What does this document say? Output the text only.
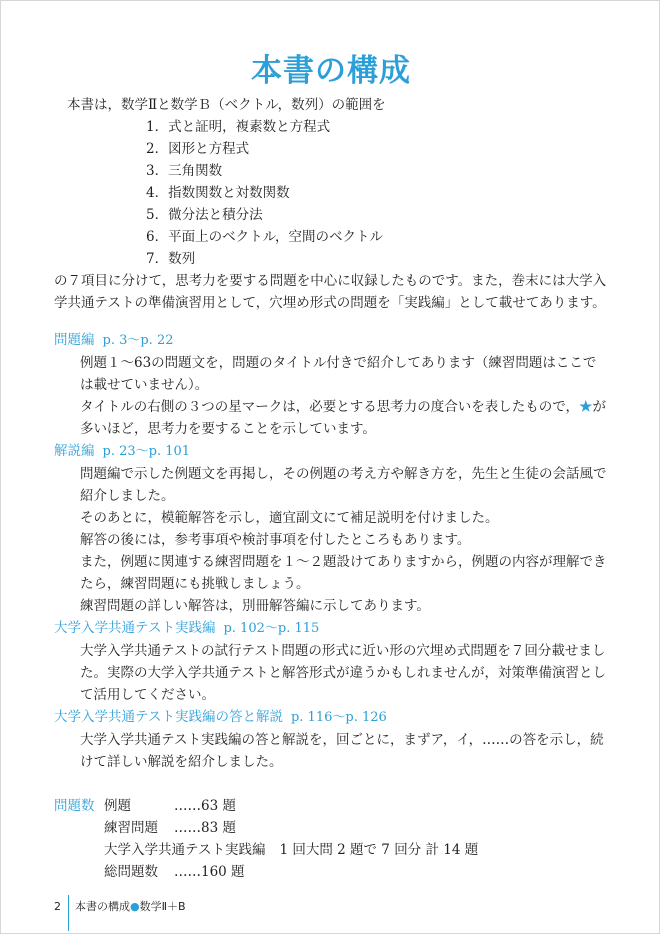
本書の構成

本書は，数学Ⅱと数学Ｂ（ベクトル，数列）の範囲を

1．式と証明，複素数と方程式
2．図形と方程式
3．三角関数
4．指数関数と対数関数
5．微分法と積分法
6．平面上のベクトル，空間のベクトル
7．数列

の７項目に分けて，思考力を要する問題を中心に収録したものです。また，巻末には大学入学共通テストの準備演習用として，穴埋め形式の問題を「実践編」として載せてあります。

問題編 p. 3〜p. 22

例題１〜63の問題文を，問題のタイトル付きで紹介してあります（練習問題はここでは載せていません）。

タイトルの右側の３つの星マークは，必要とする思考力の度合いを表したもので，★が多いほど，思考力を要することを示しています。

解説編 p. 23〜p. 101

問題編で示した例題文を再掲し，その例題の考え方や解き方を，先生と生徒の会話風で紹介しました。

そのあとに，模範解答を示し，適宜副文にて補足説明を付けました。

解答の後には，参考事項や検討事項を付したところもあります。

また，例題に関連する練習問題を１〜２題設けてありますから，例題の内容が理解できたら，練習問題にも挑戦しましょう。

練習問題の詳しい解答は，別冊解答編に示してあります。

大学入学共通テスト実践編 p. 102〜p. 115

大学入学共通テストの試行テスト問題の形式に近い形の穴埋め式問題を７回分載せました。実際の大学入学共通テストと解答形式が違うかもしれませんが，対策準備演習として活用してください。

大学入学共通テスト実践編の答と解説 p. 116〜p. 126

大学入学共通テスト実践編の答と解説を，回ごとに，まずア，イ，……の答を示し，続けて詳しい解説を紹介しました。

問題数 例題	……63 題
練習問題	……83 題
大学入学共通テスト実践編 1 回大問 2 題で 7 回分 計 14 題
総問題数	……160 題
2	本書の構成 ● 数学Ⅱ＋B
